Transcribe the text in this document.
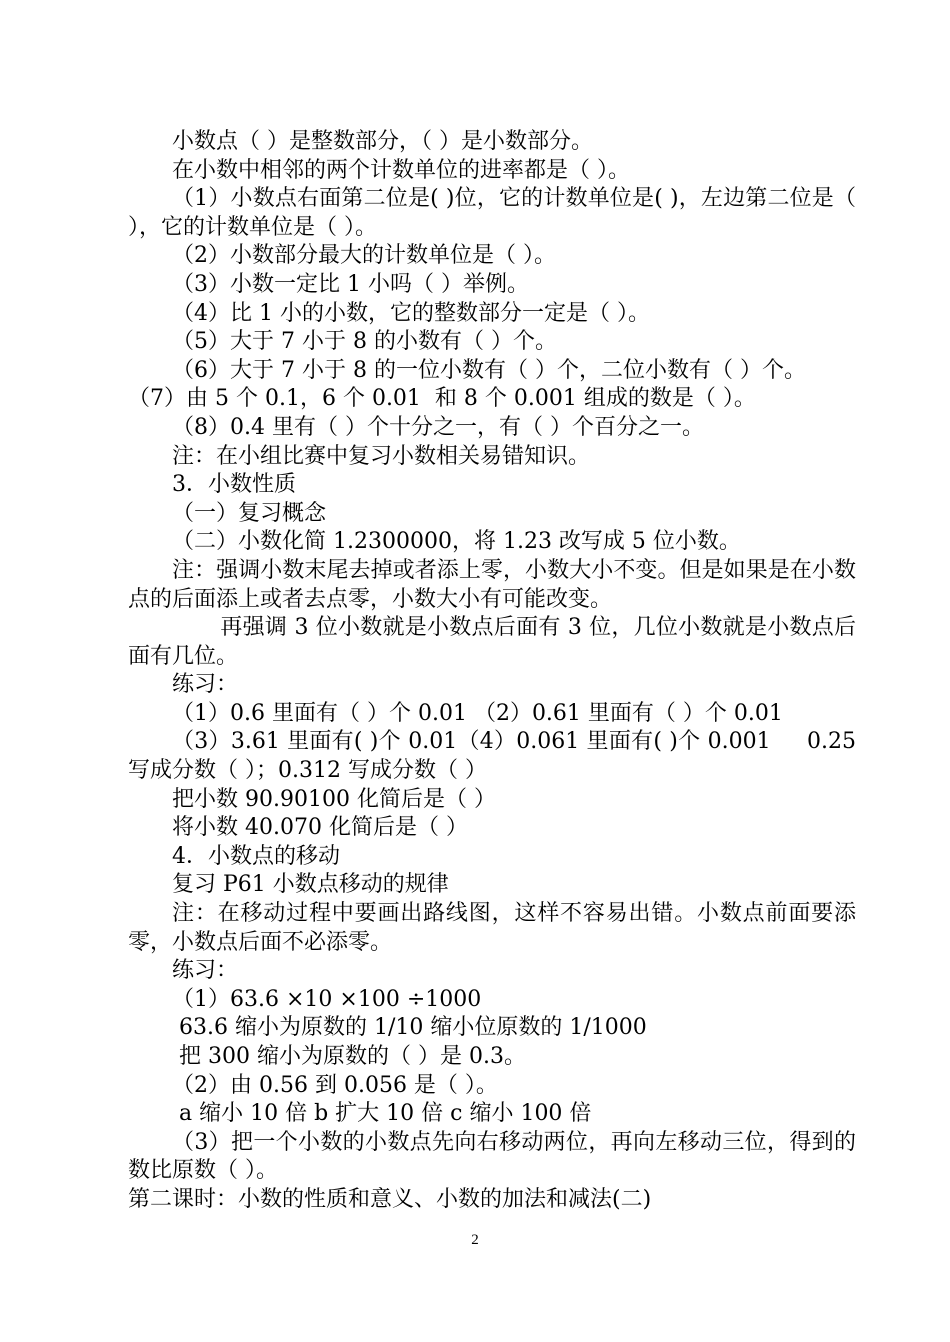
小数点（ ）是整数部分，（ ）是小数部分。

在小数中相邻的两个计数单位的进率都是（ ）。

（1）小数点右面第二位是( )位，它的计数单位是( )，左边第二位是（ ），它的计数单位是（ ）。

（2）小数部分最大的计数单位是（ ）。

（3）小数一定比 1 小吗（ ）举例。

（4）比 1 小的小数，它的整数部分一定是（ ）。

（5）大于 7 小于 8 的小数有（ ）个。

（6）大于 7 小于 8 的一位小数有（ ）个，二位小数有（ ）个。

（7）由 5 个 0.1，6 个 0.01  和 8 个 0.001 组成的数是（ ）。

（8）0.4 里有（ ）个十分之一，有（ ）个百分之一。

注：在小组比赛中复习小数相关易错知识。

3．小数性质

（一）复习概念

（二）小数化简 1.2300000，将 1.23 改写成 5 位小数。

注：强调小数末尾去掉或者添上零，小数大小不变。但是如果是在小数点的后面添上或者去点零，小数大小有可能改变。

再强调 3 位小数就是小数点后面有 3 位，几位小数就是小数点后面有几位。

练习：

（1）0.6 里面有（ ）个 0.01 （2）0.61 里面有（ ）个 0.01

（3）3.61 里面有( )个 0.01（4）0.061 里面有( )个 0.001     0.25 写成分数（ ）；0.312 写成分数（ ）

把小数 90.90100 化简后是（ ）

将小数 40.070 化简后是（ ）

4．小数点的移动

复习 P61 小数点移动的规律

注：在移动过程中要画出路线图，这样不容易出错。小数点前面要添零，小数点后面不必添零。

练习：

（1）63.6 ×10 ×100 ÷1000

63.6 缩小为原数的 1/10 缩小位原数的 1/1000

把 300 缩小为原数的（ ）是 0.3。

（2）由 0.56 到 0.056 是（ ）。

a 缩小 10 倍 b 扩大 10 倍 c 缩小 100 倍

（3）把一个小数的小数点先向右移动两位，再向左移动三位，得到的数比原数（ ）。

第二课时：小数的性质和意义、小数的加法和减法(二)

2
